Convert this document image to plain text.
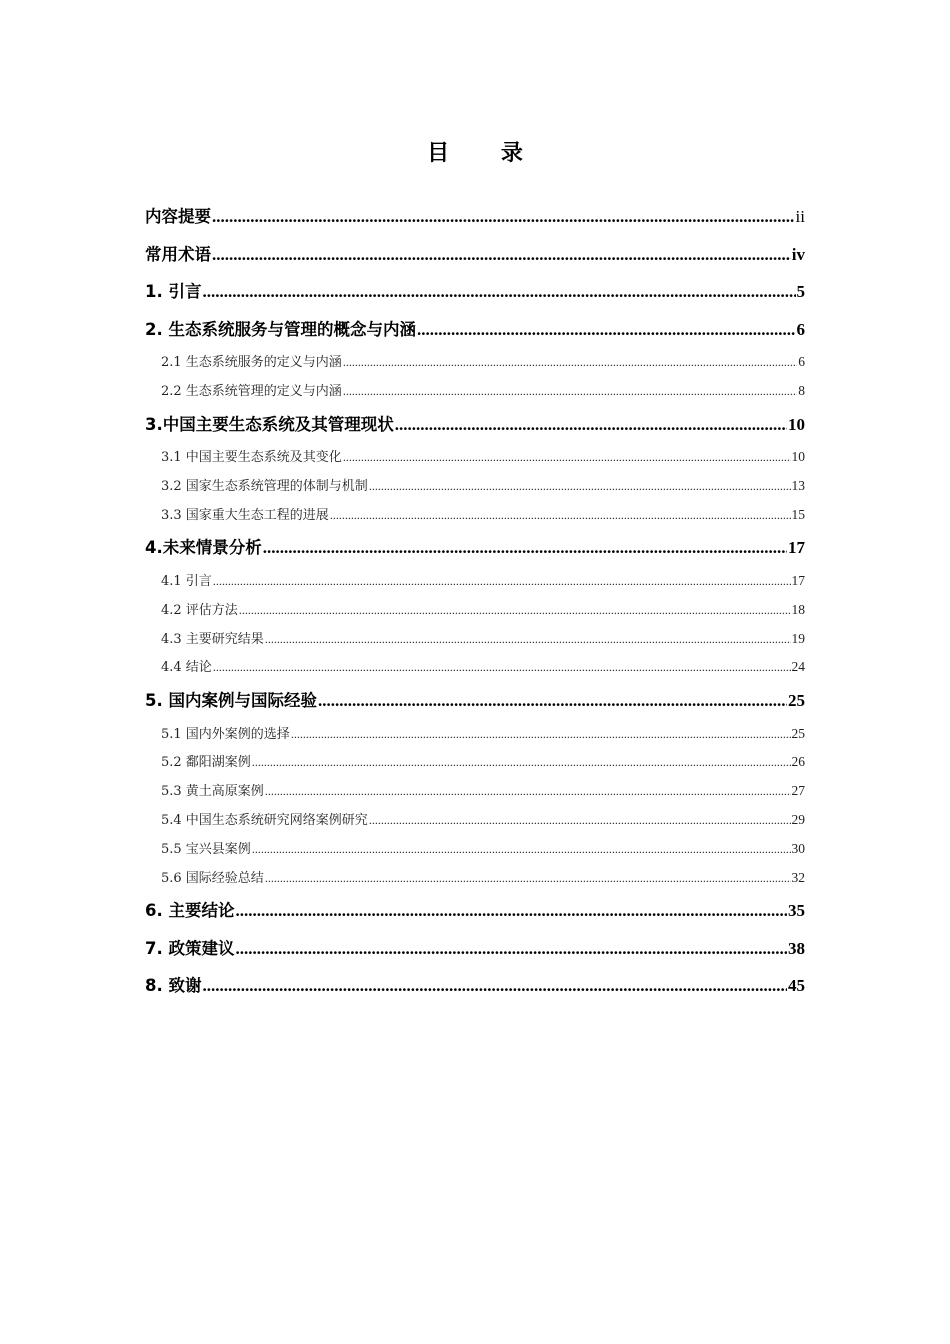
目 录
内容提要 .....	ii
常用术语 .....	iv
1. 引言 .....	5
2. 生态系统服务与管理的概念与内涵 .....	6
2.1 生态系统服务的定义与内涵 .....	6
2.2 生态系统管理的定义与内涵 .....	8
3.中国主要生态系统及其管理现状 .....	10
3.1 中国主要生态系统及其变化 .....	10
3.2 国家生态系统管理的体制与机制 .....	13
3.3 国家重大生态工程的进展 .....	15
4.未来情景分析 .....	17
4.1 引言 .....	17
4.2 评估方法 .....	18
4.3 主要研究结果 .....	19
4.4 结论 .....	24
5. 国内案例与国际经验 .....	25
5.1 国内外案例的选择 .....	25
5.2 鄱阳湖案例 .....	26
5.3 黄土高原案例 .....	27
5.4 中国生态系统研究网络案例研究 .....	29
5.5 宝兴县案例 .....	30
5.6 国际经验总结 .....	32
6. 主要结论 .....	35
7. 政策建议 .....	38
8. 致谢 .....	45
